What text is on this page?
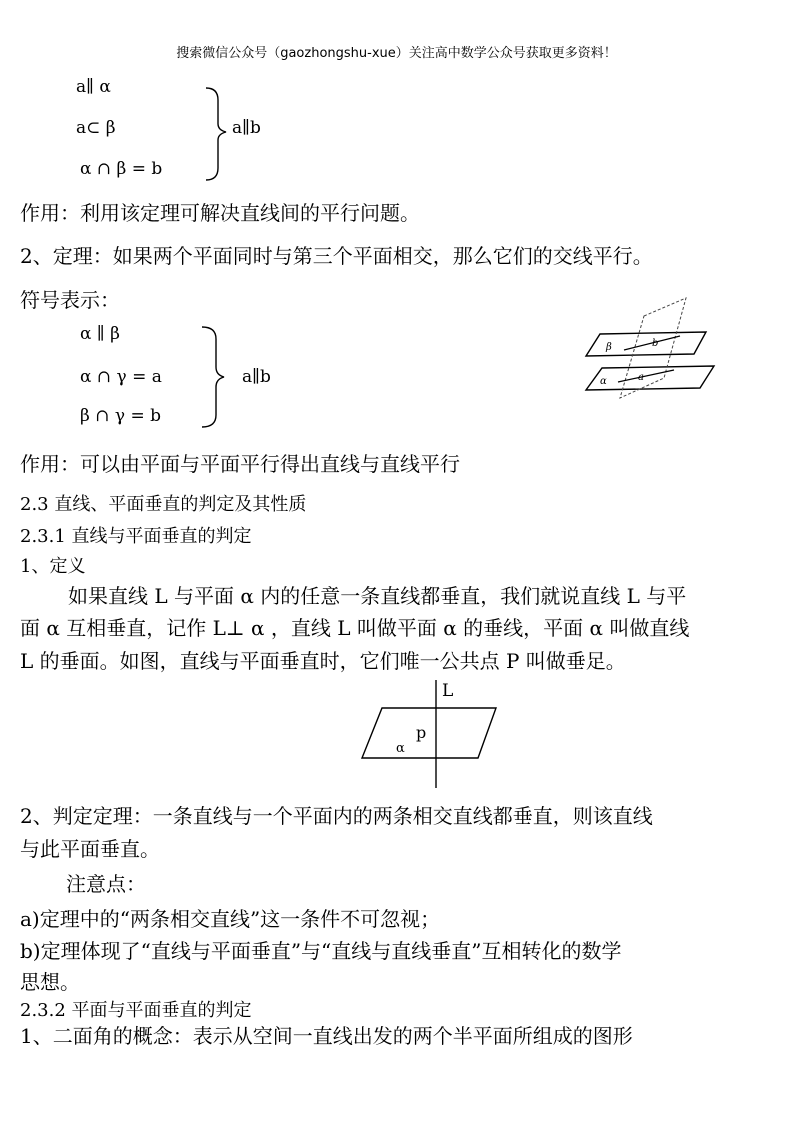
搜索微信公众号（gaozhongshu-xue）关注高中数学公众号获取更多资料！
a∥ α
a⊂ β
α ∩ β = b
a∥b
作用：利用该定理可解决直线间的平行问题。
2、定理：如果两个平面同时与第三个平面相交，那么它们的交线平行。
符号表示：
α ∥ β
α ∩ γ = a
β ∩ γ = b
a∥b
β	b
α	a
作用：可以由平面与平面平行得出直线与直线平行
2.3 直线、平面垂直的判定及其性质
2.3.1 直线与平面垂直的判定
1、定义
如果直线 L 与平面 α 内的任意一条直线都垂直，我们就说直线 L 与平
面 α 互相垂直，记作 L⊥ α ，直线 L 叫做平面 α 的垂线，平面 α 叫做直线
L 的垂面。如图，直线与平面垂直时，它们唯一公共点 P 叫做垂足。
L
p
α
2、判定定理：一条直线与一个平面内的两条相交直线都垂直，则该直线
与此平面垂直。
注意点：
a)定理中的“两条相交直线”这一条件不可忽视；
b)定理体现了“直线与平面垂直”与“直线与直线垂直”互相转化的数学
思想。
2.3.2 平面与平面垂直的判定
1、二面角的概念：表示从空间一直线出发的两个半平面所组成的图形
